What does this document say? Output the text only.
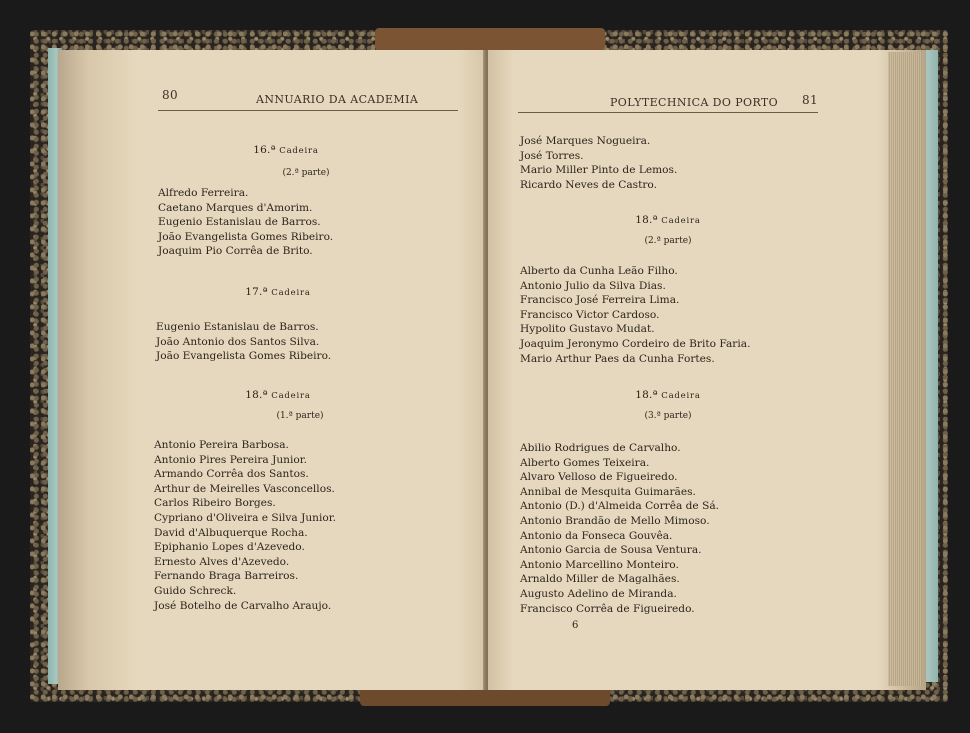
80	ANNUARIO DA ACADEMIA
16.ª Cadeira
(2.ª parte)
Alfredo Ferreira.
Caetano Marques d'Amorim.
Eugenio Estanislau de Barros.
João Evangelista Gomes Ribeiro.
Joaquim Pio Corrêa de Brito.
17.ª Cadeira
Eugenio Estanislau de Barros.
João Antonio dos Santos Silva.
João Evangelista Gomes Ribeiro.
18.ª Cadeira
(1.ª parte)
Antonio Pereira Barbosa.
Antonio Pires Pereira Junior.
Armando Corrêa dos Santos.
Arthur de Meirelles Vasconcellos.
Carlos Ribeiro Borges.
Cypriano d'Oliveira e Silva Junior.
David d'Albuquerque Rocha.
Epiphanio Lopes d'Azevedo.
Ernesto Alves d'Azevedo.
Fernando Braga Barreiros.
Guido Schreck.
José Botelho de Carvalho Araujo.
POLYTECHNICA DO PORTO 81
José Marques Nogueira.
José Torres.
Mario Miller Pinto de Lemos.
Ricardo Neves de Castro.
18.ª Cadeira
(2.ª parte)
Alberto da Cunha Leão Filho.
Antonio Julio da Silva Dias.
Francisco José Ferreira Lima.
Francisco Victor Cardoso.
Hypolito Gustavo Mudat.
Joaquim Jeronymo Cordeiro de Brito Faria.
Mario Arthur Paes da Cunha Fortes.
18.ª Cadeira
(3.ª parte)
Abilio Rodrigues de Carvalho.
Alberto Gomes Teixeira.
Alvaro Velloso de Figueiredo.
Annibal de Mesquita Guimarães.
Antonio (D.) d'Almeida Corrêa de Sá.
Antonio Brandão de Mello Mimoso.
Antonio da Fonseca Gouvêa.
Antonio Garcia de Sousa Ventura.
Antonio Marcellino Monteiro.
Arnaldo Miller de Magalhães.
Augusto Adelino de Miranda.
Francisco Corrêa de Figueiredo.
6
